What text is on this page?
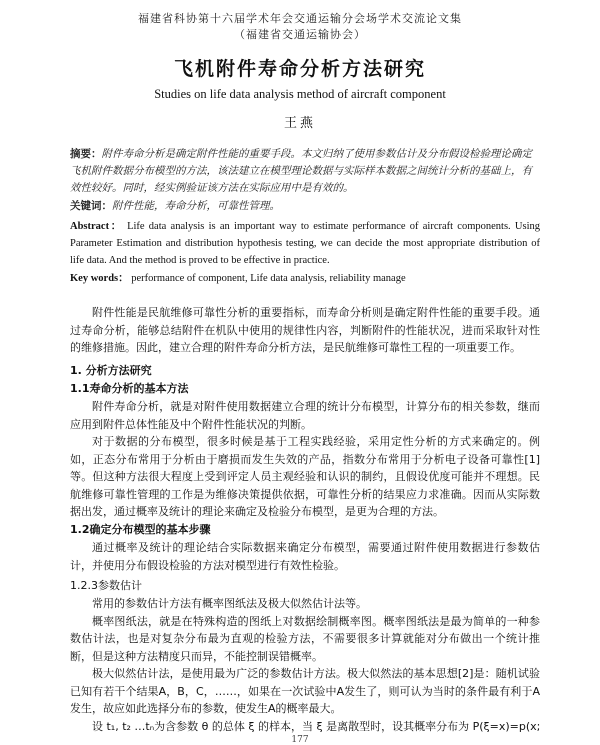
福建省科协第十六届学术年会交通运输分会场学术交流论文集
（福建省交通运输协会）
飞机附件寿命分析方法研究
Studies on life data analysis method of aircraft component
王燕
摘要：附件寿命分析是确定附件性能的重要手段。本文归纳了使用参数估计及分布假设检验理论确定飞机附件数据分布模型的方法，该法建立在模型理论数据与实际样本数据之间统计分析的基础上，有效性较好。同时，经实例验证该方法在实际应用中是有效的。
关键词：附件性能，寿命分析，可靠性管理。
Abstract： Life data analysis is an important way to estimate performance of aircraft components. Using Parameter Estimation and distribution hypothesis testing, we can decide the most appropriate distribution of life data. And the method is proved to be effective in practice.
Key words： performance of component, Life data analysis, reliability manage

附件性能是民航维修可靠性分析的重要指标，而寿命分析则是确定附件性能的重要手段。通过寿命分析，能够总结附件在机队中使用的规律性内容，判断附件的性能状况，进而采取针对性的维修措施。因此，建立合理的附件寿命分析方法，是民航维修可靠性工程的一项重要工作。

1. 分析方法研究
1.1寿命分析的基本方法

附件寿命分析，就是对附件使用数据建立合理的统计分布模型，计算分布的相关参数，继而应用到附件总体性能及中个附件性能状况的判断。

对于数据的分布模型，很多时候是基于工程实践经验，采用定性分析的方式来确定的。例如，正态分布常用于分析由于磨损而发生失效的产品，指数分布常用于分析电子设备可靠性[1]等。但这种方法很大程度上受到评定人员主观经验和认识的制约，且假设优度可能并不理想。民航维修可靠性管理的工作是为维修决策提供依据，可靠性分析的结果应力求准确。因而从实际数据出发，通过概率及统计的理论来确定及检验分布模型，是更为合理的方法。

1.2确定分布模型的基本步骤

通过概率及统计的理论结合实际数据来确定分布模型，需要通过附件使用数据进行参数估计，并使用分布假设检验的方法对模型进行有效性检验。

1.2.3参数估计

常用的参数估计方法有概率图纸法及极大似然估计法等。

概率图纸法，就是在特殊构造的图纸上对数据绘制概率图。概率图纸法是最为简单的一种参数估计法，也是对复杂分布最为直观的检验方法，不需要很多计算就能对分布做出一个统计推断，但是这种方法精度只而异，不能控制误错概率。

极大似然估计法，是使用最为广泛的参数估计方法。极大似然法的基本思想[2]是：随机试验已知有若干个结果A，B，C，……，如果在一次试验中A发生了，则可认为当时的条件最有利于A发生，故应如此选择分布的参数，使发生A的概率最大。

设 t₁, t₂ …tₙ为含参数 θ 的总体 ξ 的样本，当 ξ 是离散型时，设其概率分布为 P(ξ=x)=p(x;

177
